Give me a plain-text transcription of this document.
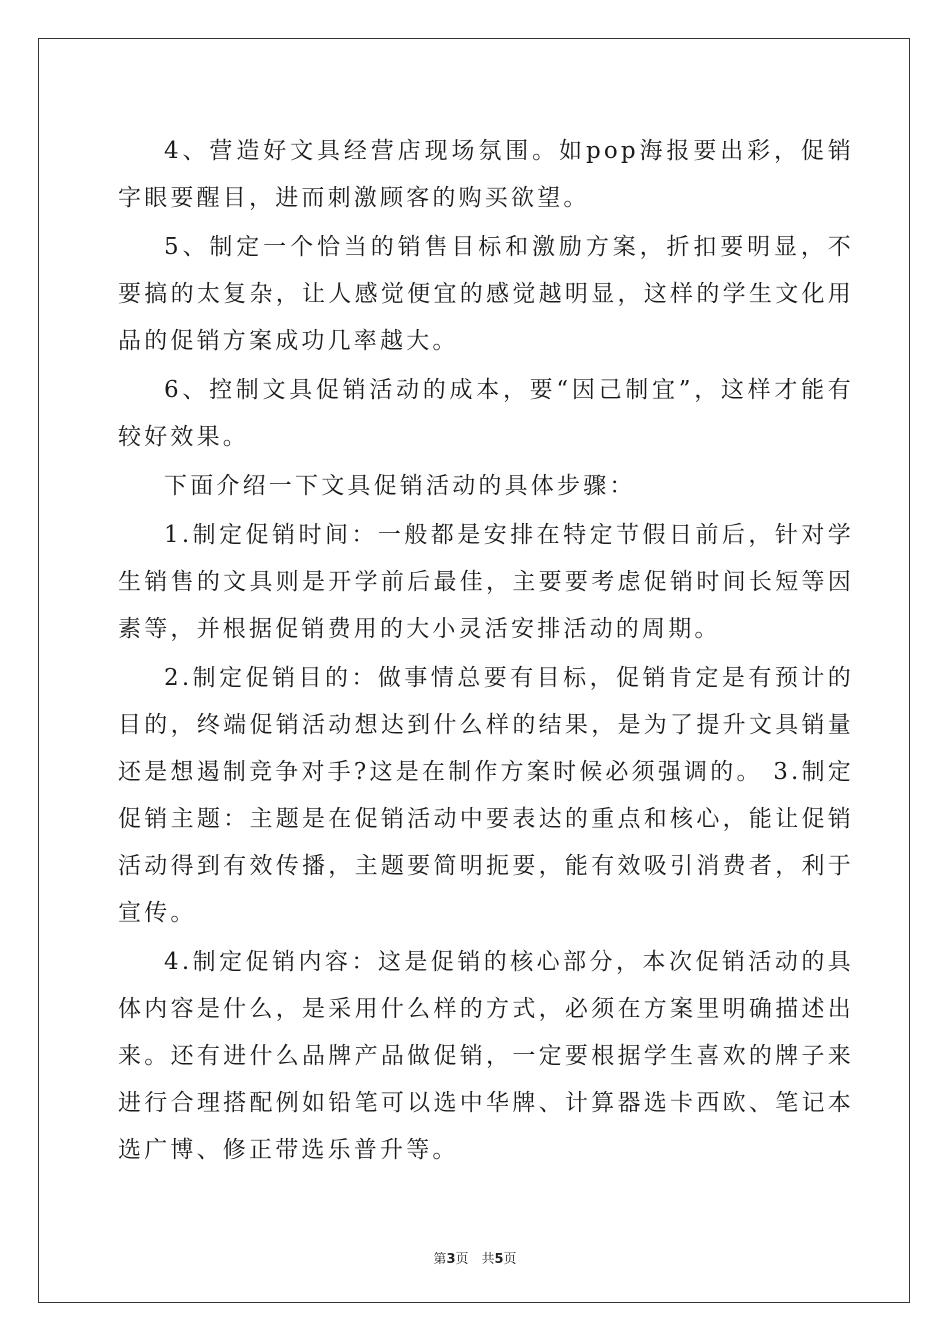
4、营造好文具经营店现场氛围。如pop海报要出彩，促销字眼要醒目，进而刺激顾客的购买欲望。

5、制定一个恰当的销售目标和激励方案，折扣要明显，不要搞的太复杂，让人感觉便宜的感觉越明显，这样的学生文化用品的促销方案成功几率越大。

6、控制文具促销活动的成本，要“因己制宜”，这样才能有较好效果。

下面介绍一下文具促销活动的具体步骤：

1.制定促销时间：一般都是安排在特定节假日前后，针对学生销售的文具则是开学前后最佳，主要要考虑促销时间长短等因素等，并根据促销费用的大小灵活安排活动的周期。

2.制定促销目的：做事情总要有目标，促销肯定是有预计的目的，终端促销活动想达到什么样的结果，是为了提升文具销量还是想遏制竞争对手?这是在制作方案时候必须强调的。 3.制定促销主题：主题是在促销活动中要表达的重点和核心，能让促销活动得到有效传播，主题要简明扼要，能有效吸引消费者，利于宣传。

4.制定促销内容：这是促销的核心部分，本次促销活动的具体内容是什么，是采用什么样的方式，必须在方案里明确描述出来。还有进什么品牌产品做促销，一定要根据学生喜欢的牌子来进行合理搭配例如铅笔可以选中华牌、计算器选卡西欧、笔记本选广博、修正带选乐普升等。

第3页　共5页
